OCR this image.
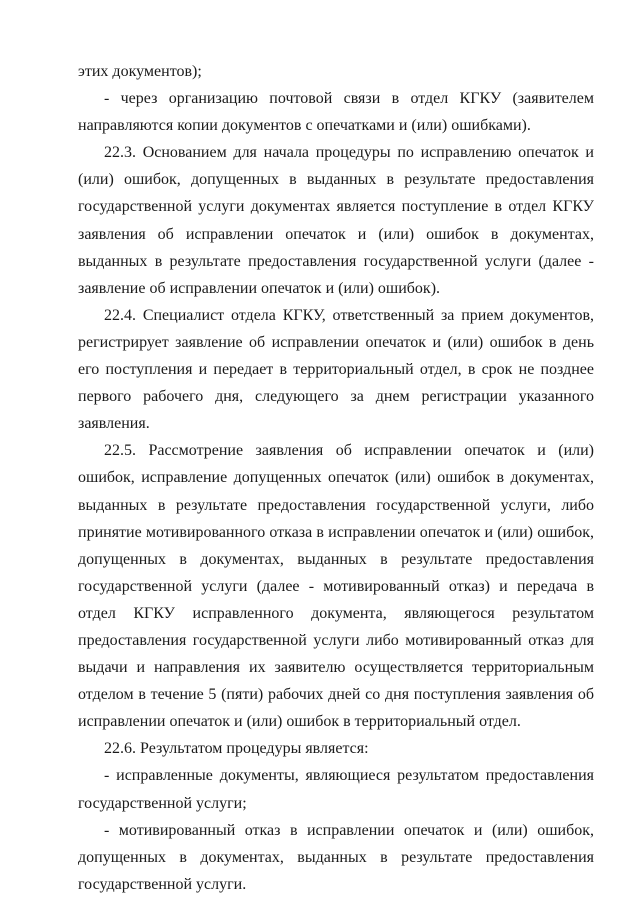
этих документов);

- через организацию почтовой связи в отдел КГКУ (заявителем направляются копии документов с опечатками и (или) ошибками).

22.3. Основанием для начала процедуры по исправлению опечаток и (или) ошибок, допущенных в выданных в результате предоставления государственной услуги документах является поступление в отдел КГКУ заявления об исправлении опечаток и (или) ошибок в документах, выданных в результате предоставления государственной услуги (далее - заявление об исправлении опечаток и (или) ошибок).

22.4. Специалист отдела КГКУ, ответственный за прием документов, регистрирует заявление об исправлении опечаток и (или) ошибок в день его поступления и передает в территориальный отдел, в срок не позднее первого рабочего дня, следующего за днем регистрации указанного заявления.

22.5. Рассмотрение заявления об исправлении опечаток и (или) ошибок, исправление допущенных опечаток (или) ошибок в документах, выданных в результате предоставления государственной услуги, либо принятие мотивированного отказа в исправлении опечаток и (или) ошибок, допущенных в документах, выданных в результате предоставления государственной услуги (далее - мотивированный отказ) и передача в отдел КГКУ исправленного документа, являющегося результатом предоставления государственной услуги либо мотивированный отказ для выдачи и направления их заявителю осуществляется территориальным отделом в течение 5 (пяти) рабочих дней со дня поступления заявления об исправлении опечаток и (или) ошибок в территориальный отдел.

22.6. Результатом процедуры является:

- исправленные документы, являющиеся результатом предоставления государственной услуги;

- мотивированный отказ в исправлении опечаток и (или) ошибок, допущенных в документах, выданных в результате предоставления государственной услуги.
